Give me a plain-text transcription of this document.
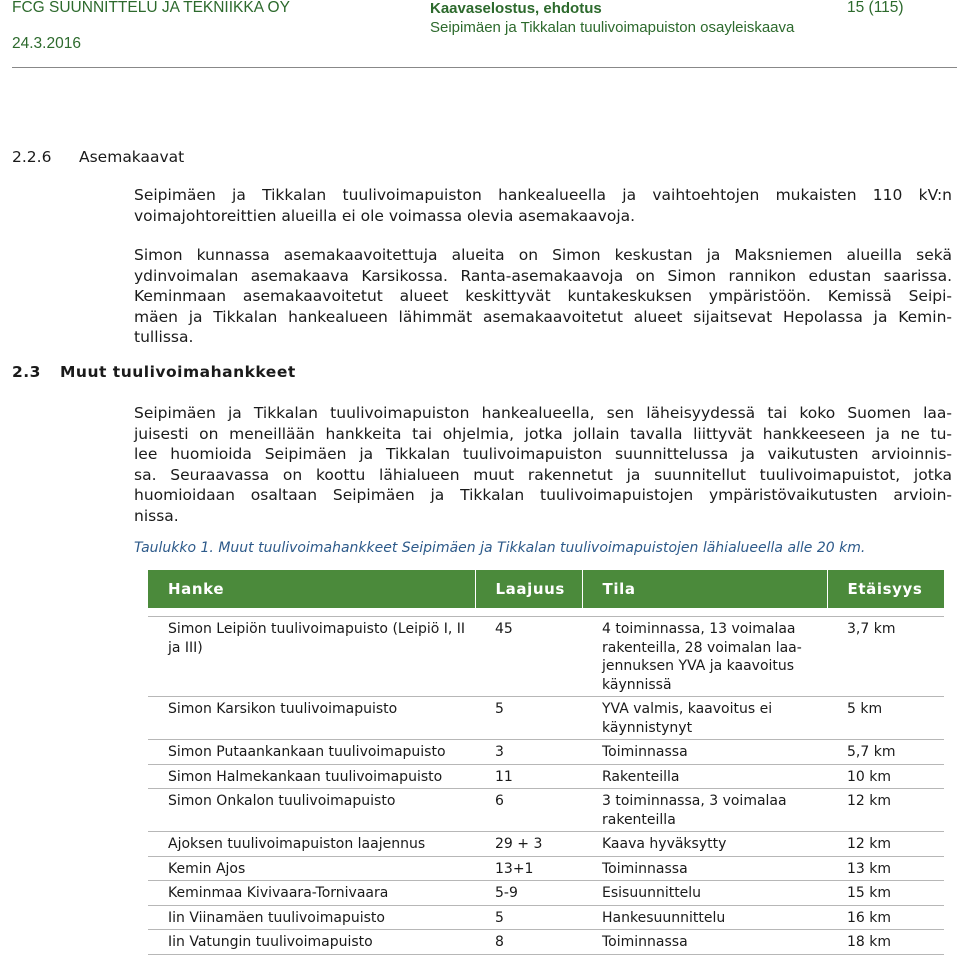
FCG SUUNNITTELU JA TEKNIIKKA OY
24.3.2016
Kaavaselostus, ehdotus
Seipimäen ja Tikkalan tuulivoimapuiston osayleiskaava
15 (115)
2.2.6 Asemakaavat
Seipimäen ja Tikkalan tuulivoimapuiston hankealueella ja vaihtoehtojen mukaisten 110 kV:n
voimajohtoreittien alueilla ei ole voimassa olevia asemakaavoja.
Simon kunnassa asemakaavoitettuja alueita on Simon keskustan ja Maksniemen alueilla sekä
ydinvoimalan asemakaava Karsikossa. Ranta-asemakaavoja on Simon rannikon edustan saarissa.
Keminmaan asemakaavoitetut alueet keskittyvät kuntakeskuksen ympäristöön. Kemissä Seipi-
mäen ja Tikkalan hankealueen lähimmät asemakaavoitetut alueet sijaitsevat Hepolassa ja Kemin-
tullissa.
2.3 Muut tuulivoimahankkeet
Seipimäen ja Tikkalan tuulivoimapuiston hankealueella, sen läheisyydessä tai koko Suomen laa-
juisesti on meneillään hankkeita tai ohjelmia, jotka jollain tavalla liittyvät hankkeeseen ja ne tu-
lee huomioida Seipimäen ja Tikkalan tuulivoimapuiston suunnittelussa ja vaikutusten arvioinnis-
sa. Seuraavassa on koottu lähialueen muut rakennetut ja suunnitellut tuulivoimapuistot, jotka
huomioidaan osaltaan Seipimäen ja Tikkalan tuulivoimapuistojen ympäristövaikutusten arvioin-
nissa.
Taulukko 1. Muut tuulivoimahankkeet Seipimäen ja Tikkalan tuulivoimapuistojen lähialueella alle 20 km.
Hanke	Laajuus	Tila	Etäisyys

Simon Leipiön tuulivoimapuisto (Leipiö I, II ja III)	45	4 toiminnassa, 13 voimalaa rakenteilla, 28 voimalan laa-jennuksen YVA ja kaavoitus käynnissä	3,7 km
Simon Karsikon tuulivoimapuisto	5	YVA valmis, kaavoitus ei käynnistynyt	5 km
Simon Putaankankaan tuulivoimapuisto	3	Toiminnassa	5,7 km
Simon Halmekankaan tuulivoimapuisto	11	Rakenteilla	10 km
Simon Onkalon tuulivoimapuisto	6	3 toiminnassa, 3 voimalaa rakenteilla	12 km
Ajoksen tuulivoimapuiston laajennus	29 + 3	Kaava hyväksytty	12 km
Kemin Ajos	13+1	Toiminnassa	13 km
Keminmaa Kivivaara-Tornivaara	5-9	Esisuunnittelu	15 km
Iin Viinamäen tuulivoimapuisto	5	Hankesuunnittelu	16 km
Iin Vatungin tuulivoimapuisto	8	Toiminnassa	18 km
